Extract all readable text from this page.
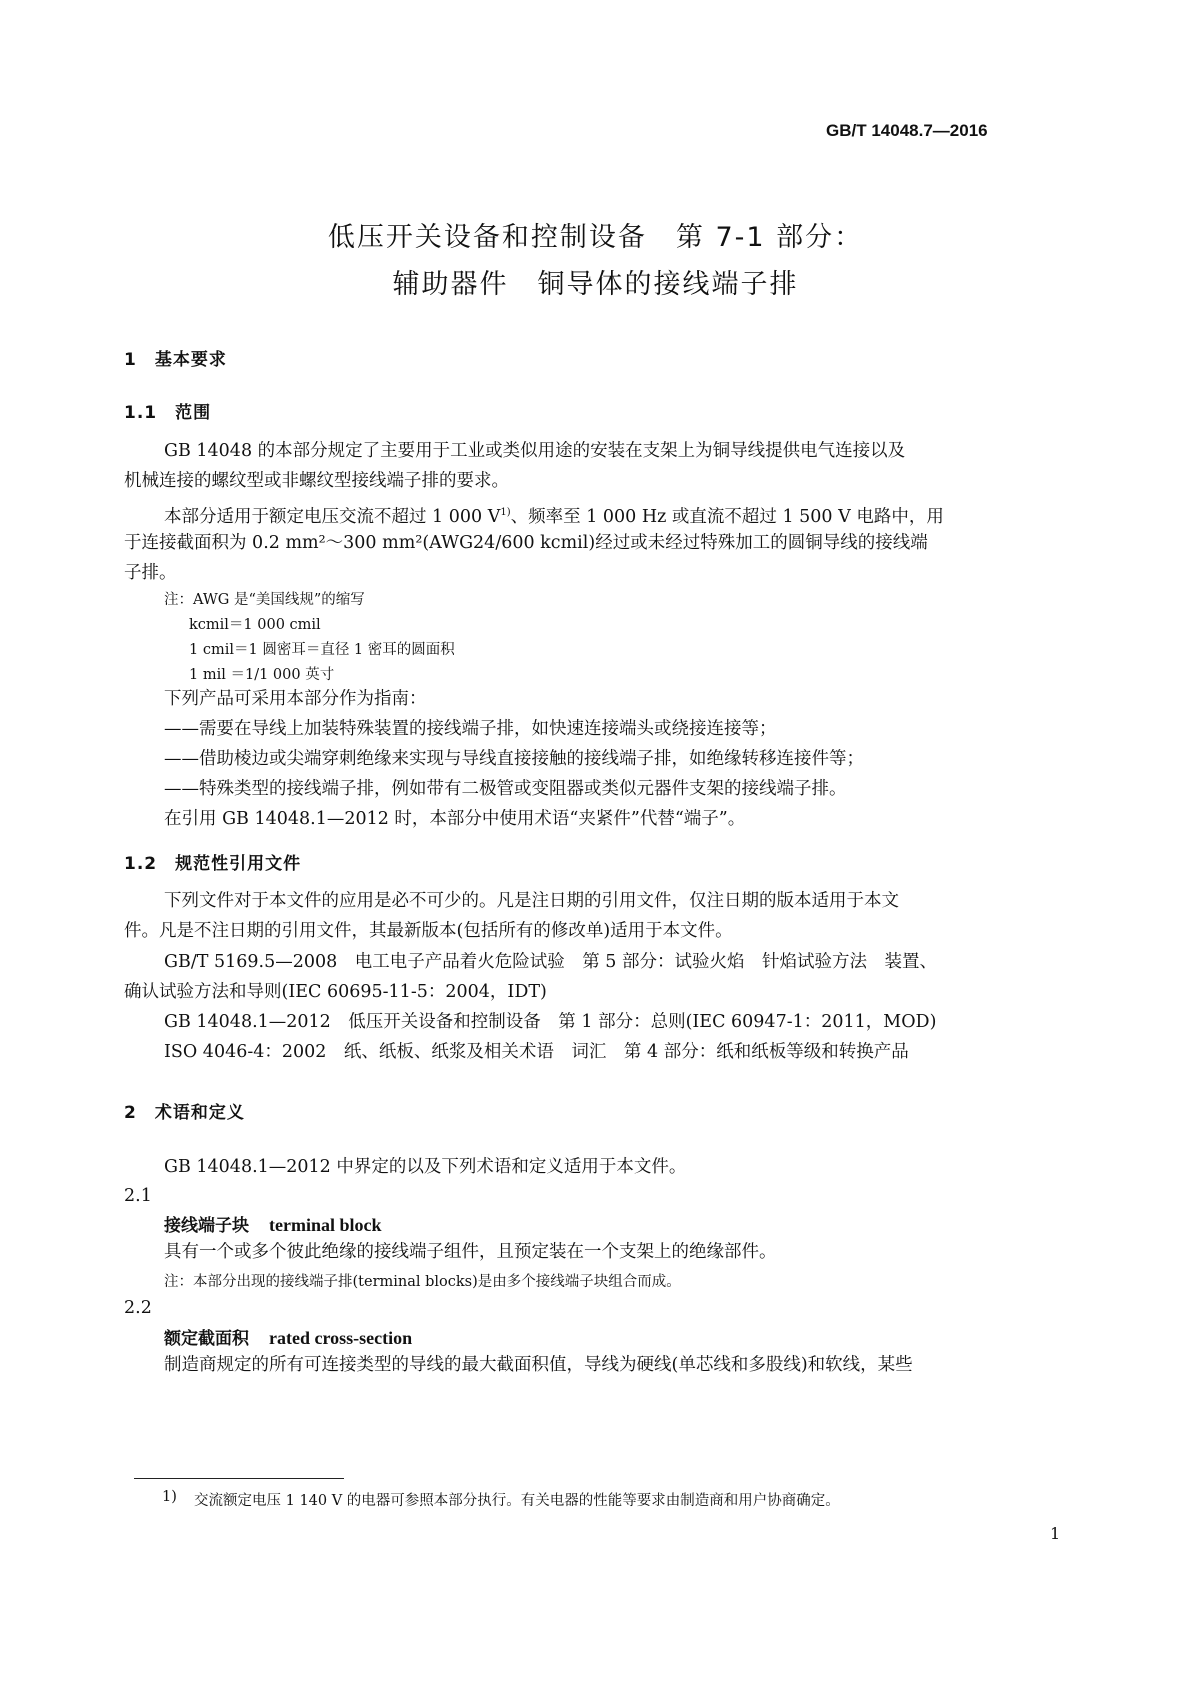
GB/T 14048.7—2016
低压开关设备和控制设备　第 7-1 部分：
辅助器件　铜导体的接线端子排
1　基本要求
1.1　范围
GB 14048 的本部分规定了主要用于工业或类似用途的安装在支架上为铜导线提供电气连接以及
机械连接的螺纹型或非螺纹型接线端子排的要求。
本部分适用于额定电压交流不超过 1 000 $V^{1)}$、频率至 1 000 Hz 或直流不超过 1 500 V 电路中，用
于连接截面积为 0.2 mm²～300 mm²(AWG24/600 kcmil)经过或未经过特殊加工的圆铜导线的接线端
子排。
注：AWG 是“美国线规”的缩写
kcmil＝1 000 cmil
1 cmil＝1 圆密耳＝直径 1 密耳的圆面积
1 mil ＝1/1 000 英寸
下列产品可采用本部分作为指南：
——需要在导线上加装特殊装置的接线端子排，如快速连接端头或绕接连接等；
——借助棱边或尖端穿刺绝缘来实现与导线直接接触的接线端子排，如绝缘转移连接件等；
——特殊类型的接线端子排，例如带有二极管或变阻器或类似元器件支架的接线端子排。
在引用 GB 14048.1—2012 时，本部分中使用术语“夹紧件”代替“端子”。
1.2　规范性引用文件
下列文件对于本文件的应用是必不可少的。凡是注日期的引用文件，仅注日期的版本适用于本文
件。凡是不注日期的引用文件，其最新版本(包括所有的修改单)适用于本文件。
GB/T 5169.5—2008　电工电子产品着火危险试验　第 5 部分：试验火焰　针焰试验方法　装置、
确认试验方法和导则(IEC 60695-11-5：2004，IDT)
GB 14048.1—2012　低压开关设备和控制设备　第 1 部分：总则(IEC 60947-1：2011，MOD)
ISO 4046-4：2002　纸、纸板、纸浆及相关术语　词汇　第 4 部分：纸和纸板等级和转换产品
2　术语和定义
GB 14048.1—2012 中界定的以及下列术语和定义适用于本文件。
2.1
接线端子块 terminal block
具有一个或多个彼此绝缘的接线端子组件，且预定装在一个支架上的绝缘部件。
注：本部分出现的接线端子排(terminal blocks)是由多个接线端子块组合而成。
2.2
额定截面积 rated cross-section
制造商规定的所有可连接类型的导线的最大截面积值，导线为硬线(单芯线和多股线)和软线，某些
1) 交流额定电压 1 140 V 的电器可参照本部分执行。有关电器的性能等要求由制造商和用户协商确定。
1
